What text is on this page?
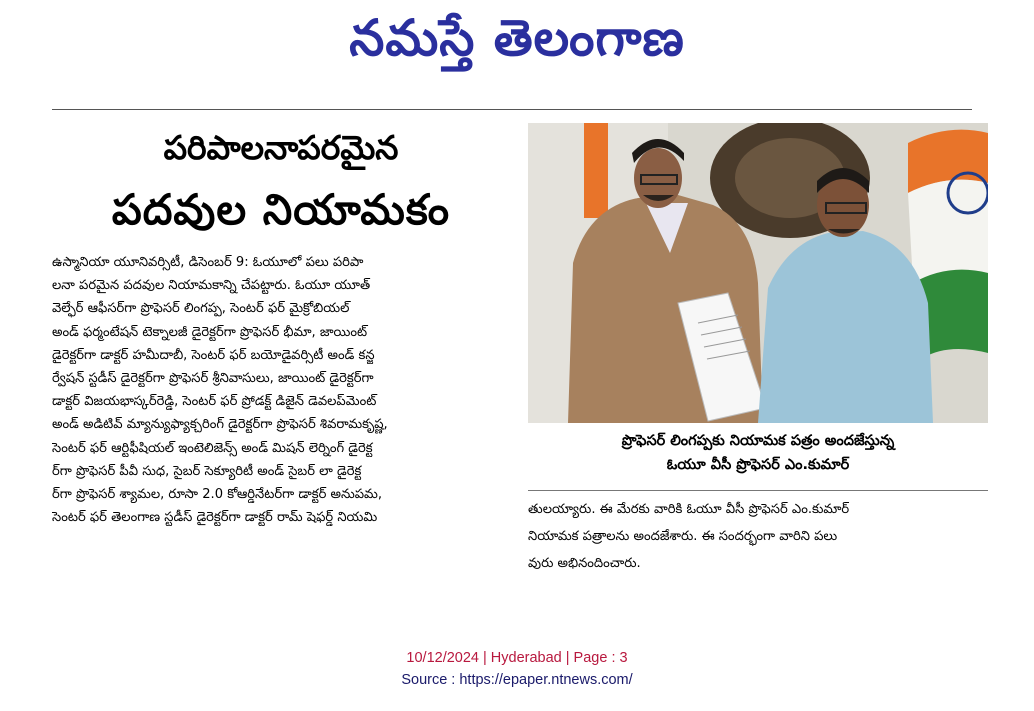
నమస్తే తెలంగాణ
పరిపాలనాపరమైన
పదవుల నియామకం
ఉస్మానియా యూనివర్సిటీ, డిసెంబర్ 9: ఓయూలో పలు పరిపా
లనా పరమైన పదవుల నియామకాన్ని చేపట్టారు. ఓయూ యూత్
వెల్ఫేర్ ఆఫీసర్‌గా ప్రొఫెసర్ లింగప్ప, సెంటర్ ఫర్ మైక్రోబియల్
అండ్ ఫర్మంటేషన్ టెక్నాలజీ డైరెక్టర్‌గా ప్రొఫెసర్ భీమా, జాయింట్
డైరెక్టర్‌గా డాక్టర్ హమీదాబీ, సెంటర్ ఫర్ బయోడైవర్సిటీ అండ్ కన్జ
ర్వేషన్ స్టడీస్ డైరెక్టర్‌గా ప్రొఫెసర్ శ్రీనివాసులు, జాయింట్ డైరెక్టర్‌గా
డాక్టర్ విజయభాస్కర్‌రెడ్డి, సెంటర్ ఫర్ ప్రోడక్ట్ డిజైన్ డెవలప్‌మెంట్
అండ్ అడిటివ్ మ్యాన్యుఫ్యాక్చరింగ్ డైరెక్టర్‌గా ప్రొఫెసర్ శివరామకృష్ణ,
సెంటర్ ఫర్ ఆర్టిఫీషియల్ ఇంటెలిజెన్స్ అండ్ మిషన్ లెర్నింగ్ డైరెక్ట
ర్‌గా ప్రొఫెసర్ పీవీ సుధ, సైబర్ సెక్యూరిటీ అండ్ సైబర్ లా డైరెక్ట
ర్‌గా ప్రొఫెసర్ శ్యామల, రూసా 2.0 కోఆర్డినేటర్‌గా డాక్టర్ అనుపమ,
సెంటర్ ఫర్ తెలంగాణ స్టడీస్ డైరెక్టర్‌గా డాక్టర్ రామ్ షెఫర్డ్ నియమి
ప్రొఫెసర్ లింగప్పకు నియామక పత్రం అందజేస్తున్న
ఓయూ వీసీ ప్రొఫెసర్ ఎం.కుమార్
తులయ్యారు. ఈ మేరకు వారికి ఓయూ వీసీ ప్రొఫెసర్ ఎం.కుమార్
నియామక పత్రాలను అందజేశారు. ఈ సందర్భంగా వారిని పలు
వురు అభినందించారు.
10/12/2024 | Hyderabad | Page : 3
Source : https://epaper.ntnews.com/
